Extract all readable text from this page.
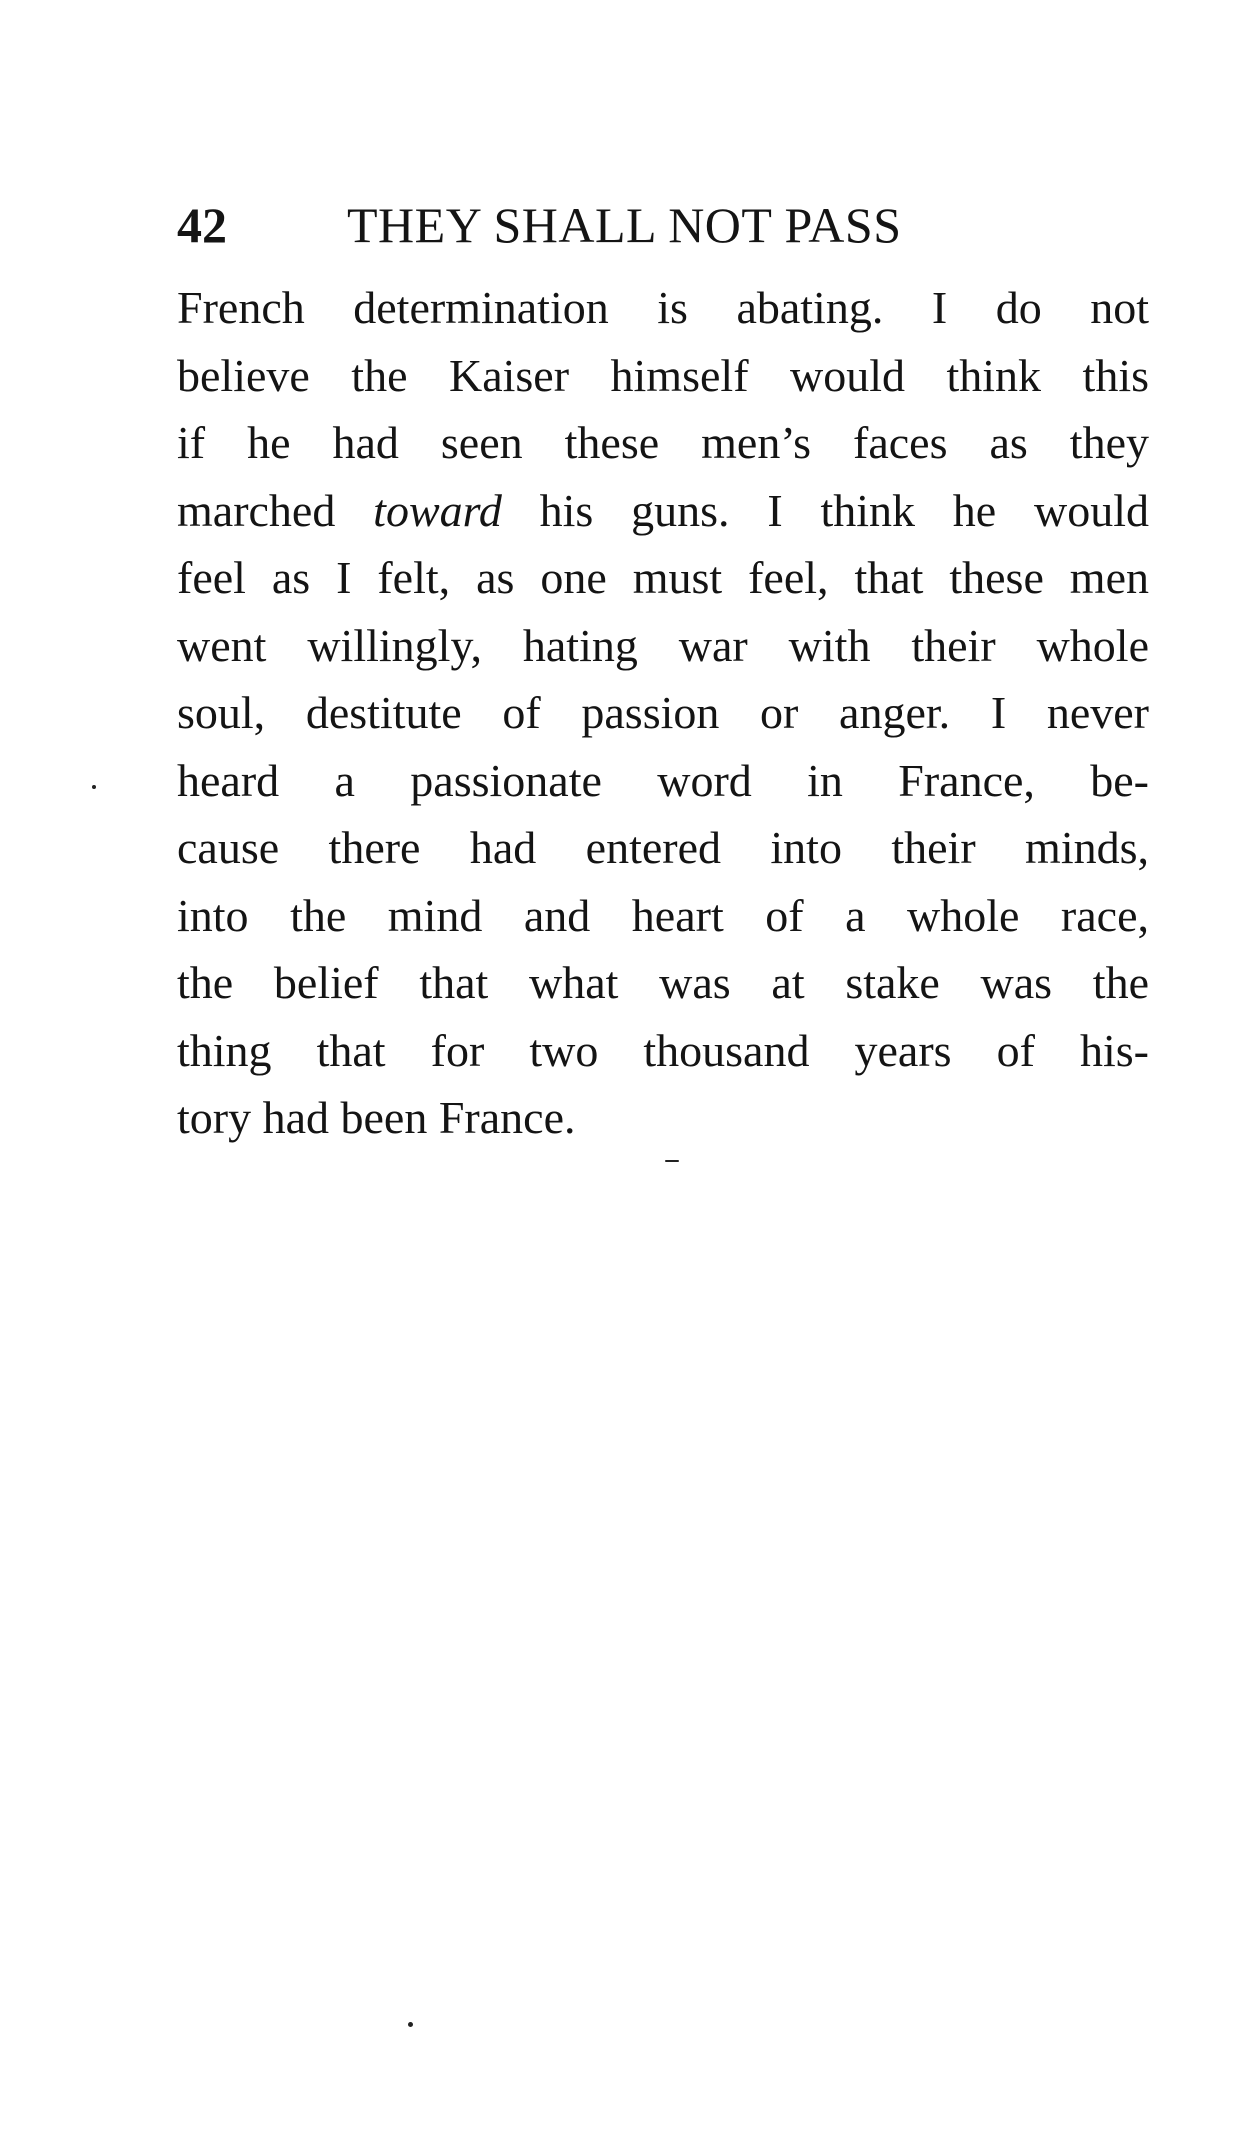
42 THEY SHALL NOT PASS
French determination is abating. I do not
believe the Kaiser himself would think this
if he had seen these men’s faces as they
marched toward his guns. I think he would
feel as I felt, as one must feel, that these men
went willingly, hating war with their whole
soul, destitute of passion or anger. I never
heard a passionate word in France, be-
cause there had entered into their minds,
into the mind and heart of a whole race,
the belief that what was at stake was the
thing that for two thousand years of his-
tory had been France.
